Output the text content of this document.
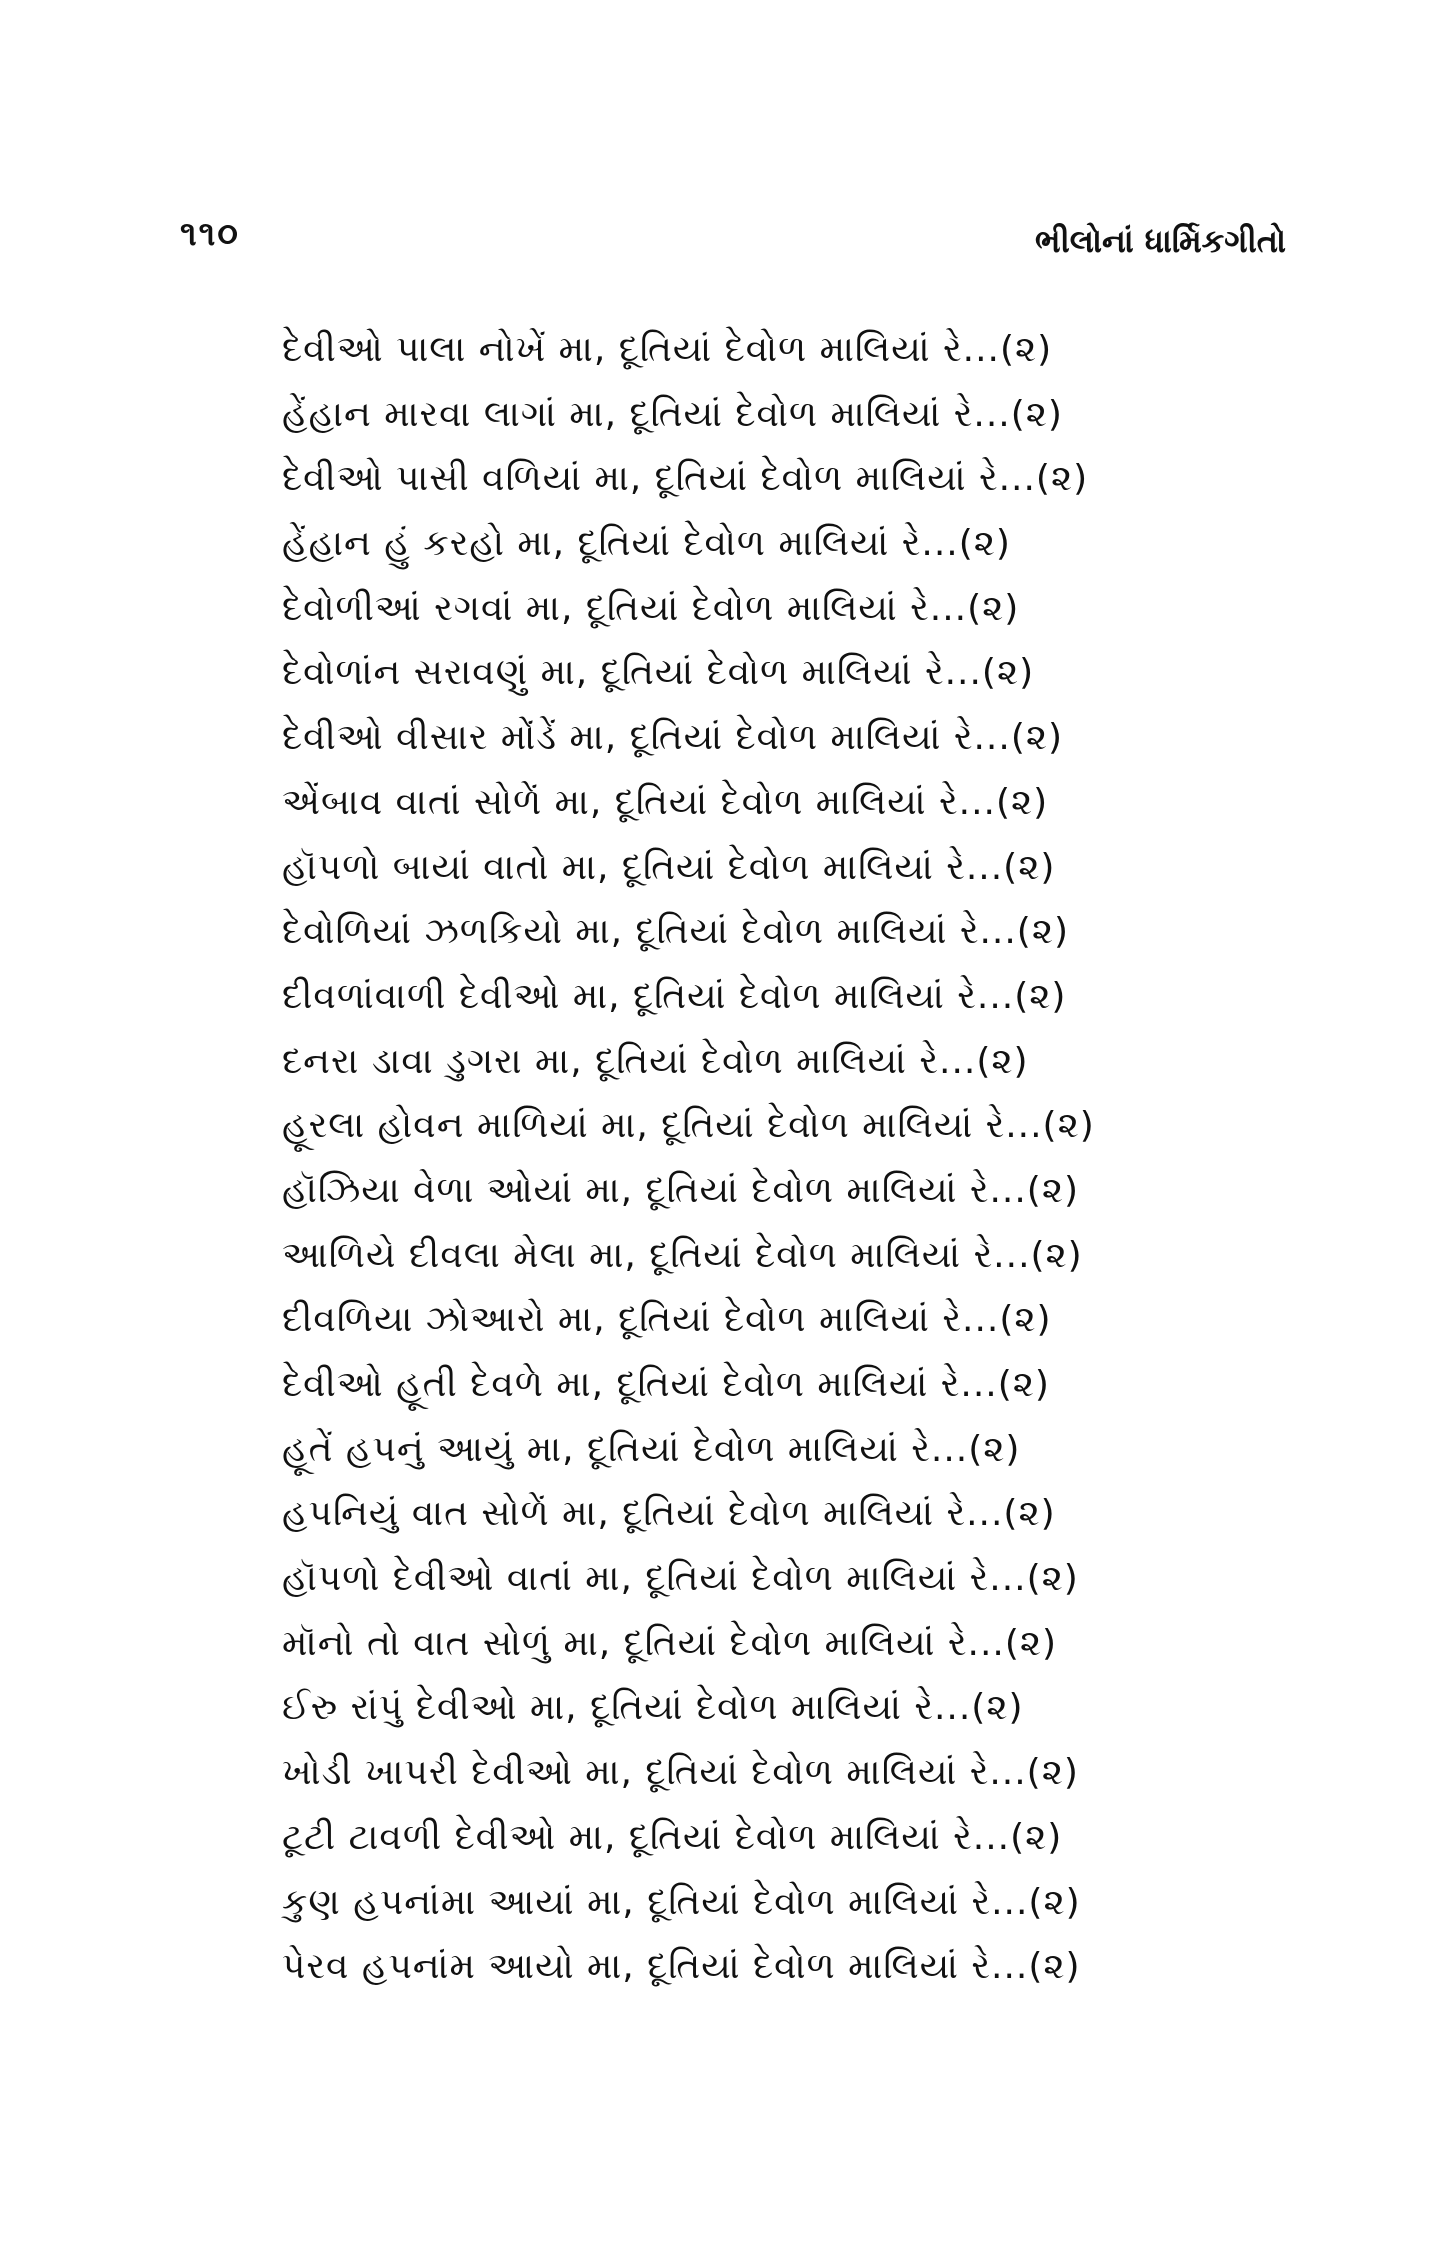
૧૧૦	ભીલોનાં ધાર્મિકગીતો
દેવીઓ પાલા નોખેં મા, દૂતિયાં દેવોળ માલિયાં રે...(૨)
હેંહાન મારવા લાગાં મા, દૂતિયાં દેવોળ માલિયાં રે...(૨)
દેવીઓ પાસી વળિયાં મા, દૂતિયાં દેવોળ માલિયાં રે...(૨)
હેંહાન હું કરહો મા, દૂતિયાં દેવોળ માલિયાં રે...(૨)
દેવોળીઆં રગવાં મા, દૂતિયાં દેવોળ માલિયાં રે...(૨)
દેવોળાંન સરાવણું મા, દૂતિયાં દેવોળ માલિયાં રે...(૨)
દેવીઓ વીસાર મોંડેં મા, દૂતિયાં દેવોળ માલિયાં રે...(૨)
એંબાવ વાતાં સોળેં મા, દૂતિયાં દેવોળ માલિયાં રે...(૨)
હૉપળો બાયાં વાતો મા, દૂતિયાં દેવોળ માલિયાં રે...(૨)
દેવોળિયાં ઝળકિયો મા, દૂતિયાં દેવોળ માલિયાં રે...(૨)
દીવળાંવાળી દેવીઓ મા, દૂતિયાં દેવોળ માલિયાં રે...(૨)
દનરા ડાવા ડુગરા મા, દૂતિયાં દેવોળ માલિયાં રે...(૨)
હૂરલા હોવન માળિયાં મા, દૂતિયાં દેવોળ માલિયાં રે...(૨)
હૉઝિયા વેળા ઓયાં મા, દૂતિયાં દેવોળ માલિયાં રે...(૨)
આળિયે દીવલા મેલા મા, દૂતિયાં દેવોળ માલિયાં રે...(૨)
દીવળિયા ઝોઆરો મા, દૂતિયાં દેવોળ માલિયાં રે...(૨)
દેવીઓ હૂતી દેવળે મા, દૂતિયાં દેવોળ માલિયાં રે...(૨)
હૂતેં હપનું આયું મા, દૂતિયાં દેવોળ માલિયાં રે...(૨)
હપનિયું વાત સોળેં મા, દૂતિયાં દેવોળ માલિયાં રે...(૨)
હૉપળો દેવીઓ વાતાં મા, દૂતિયાં દેવોળ માલિયાં રે...(૨)
મૉનો તો વાત સોળું મા, દૂતિયાં દેવોળ માલિયાં રે...(૨)
ઈરુ રાંપું દેવીઓ મા, દૂતિયાં દેવોળ માલિયાં રે...(૨)
ખોડી ખાપરી દેવીઓ મા, દૂતિયાં દેવોળ માલિયાં રે...(૨)
ટૂટી ટાવળી દેવીઓ મા, દૂતિયાં દેવોળ માલિયાં રે...(૨)
કુણ હપનાંમા આયાં મા, દૂતિયાં દેવોળ માલિયાં રે...(૨)
પેરવ હપનાંમ આયો મા, દૂતિયાં દેવોળ માલિયાં રે...(૨)
